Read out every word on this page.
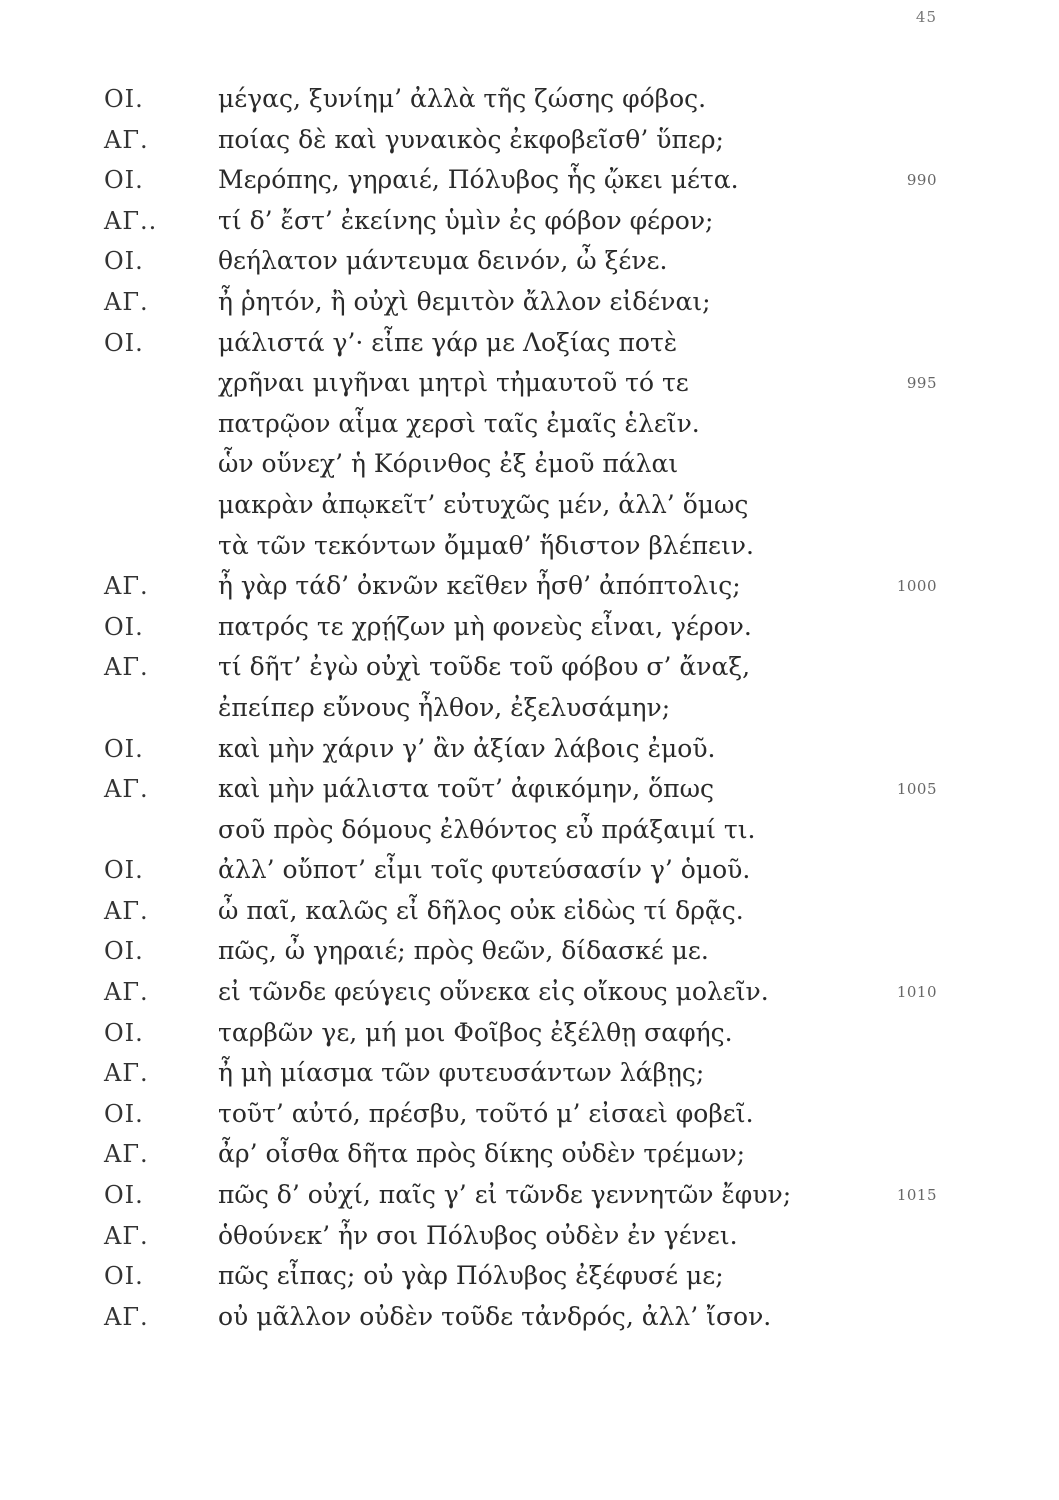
45
ΟΙ.	μέγας, ξυνίημ’ ἀλλὰ τῆς ζώσης φόβος.
ΑΓ.	ποίας δὲ καὶ γυναικὸς ἐκφοβεῖσθ’ ὕπερ;
ΟΙ.	Μερόπης, γηραιέ, Πόλυβος ἧς ᾤκει μέτα.	990
ΑΓ.. τί δ’ ἔστ’ ἐκείνης ὑμὶν ἐς φόβον φέρον;
ΟΙ.	θεήλατον μάντευμα δεινόν, ὦ ξένε.
ΑΓ.	ἦ ῥητόν, ἢ οὐχὶ θεμιτὸν ἄλλον εἰδέναι;
ΟΙ.	μάλιστά γ’· εἶπε γάρ με Λοξίας ποτὲ
χρῆναι μιγῆναι μητρὶ τἠμαυτοῦ τό τε	995
πατρῷον αἷμα χερσὶ ταῖς ἐμαῖς ἑλεῖν.
ὧν οὕνεχ’ ἡ Κόρινθος ἐξ ἐμοῦ πάλαι
μακρὰν ἀπῳκεῖτ’ εὐτυχῶς μέν, ἀλλ’ ὅμως
τὰ τῶν τεκόντων ὄμμαθ’ ἥδιστον βλέπειν.
ΑΓ.	ἦ γὰρ τάδ’ ὀκνῶν κεῖθεν ἦσθ’ ἀπόπτολις;	1000
ΟΙ.	πατρός τε χρῄζων μὴ φονεὺς εἶναι, γέρον.
ΑΓ.	τί δῆτ’ ἐγὼ οὐχὶ τοῦδε τοῦ φόβου σ’ ἄναξ,
ἐπείπερ εὔνους ἦλθον, ἐξελυσάμην;
ΟΙ.	καὶ μὴν χάριν γ’ ἂν ἀξίαν λάβοις ἐμοῦ.
ΑΓ.	καὶ μὴν μάλιστα τοῦτ’ ἀφικόμην, ὅπως	1005
σοῦ πρὸς δόμους ἐλθόντος εὖ πράξαιμί τι.
ΟΙ.	ἀλλ’ οὔποτ’ εἶμι τοῖς φυτεύσασίν γ’ ὁμοῦ.
ΑΓ.	ὦ παῖ, καλῶς εἶ δῆλος οὐκ εἰδὼς τί δρᾷς.
ΟΙ.	πῶς, ὦ γηραιέ; πρὸς θεῶν, δίδασκέ με.
ΑΓ.	εἰ τῶνδε φεύγεις οὕνεκα εἰς οἴκους μολεῖν.	1010
ΟΙ.	ταρβῶν γε, μή μοι Φοῖβος ἐξέλθῃ σαφής.
ΑΓ.	ἦ μὴ μίασμα τῶν φυτευσάντων λάβῃς;
ΟΙ.	τοῦτ’ αὐτό, πρέσβυ, τοῦτό μ’ εἰσαεὶ φοβεῖ.
ΑΓ.	ἆρ’ οἶσθα δῆτα πρὸς δίκης οὐδὲν τρέμων;
ΟΙ.	πῶς δ’ οὐχί, παῖς γ’ εἰ τῶνδε γεννητῶν ἔφυν;	1015
ΑΓ.	ὁθούνεκ’ ἦν σοι Πόλυβος οὐδὲν ἐν γένει.
ΟΙ.	πῶς εἶπας; οὐ γὰρ Πόλυβος ἐξέφυσέ με;
ΑΓ.	οὐ μᾶλλον οὐδὲν τοῦδε τἀνδρός, ἀλλ’ ἴσον.
